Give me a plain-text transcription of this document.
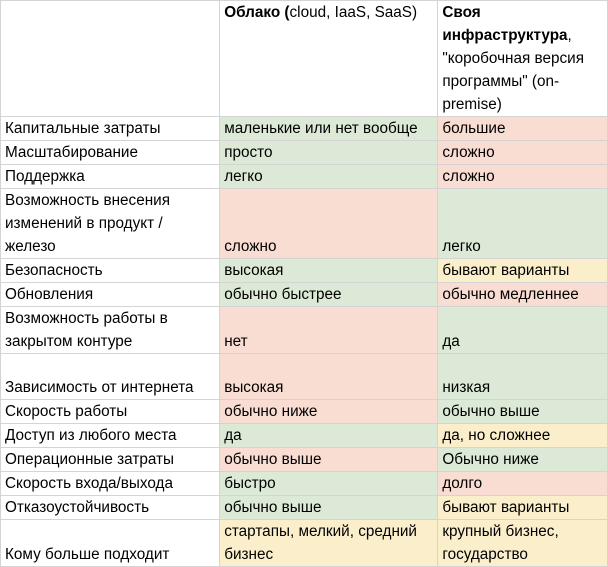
	Облако (cloud, IaaS, SaaS)	Своя инфраструктура, "коробочная версия программы" (on-premise)
Капитальные затраты	маленькие или нет вообще	большие
Масштабирование	просто	сложно
Поддержка	легко	сложно
Возможность внесения изменений в продукт / железо	сложно	легко
Безопасность	высокая	бывают варианты
Обновления	обычно быстрее	обычно медленнее
Возможность работы в закрытом контуре	нет	да
Зависимость от интернета	высокая	низкая
Скорость работы	обычно ниже	обычно выше
Доступ из любого места	да	да, но сложнее
Операционные затраты	обычно выше	Обычно ниже
Скорость входа/выхода	быстро	долго
Отказоустойчивость	обычно выше	бывают варианты
Кому больше подходит	стартапы, мелкий, средний бизнес	крупный бизнес, государство
